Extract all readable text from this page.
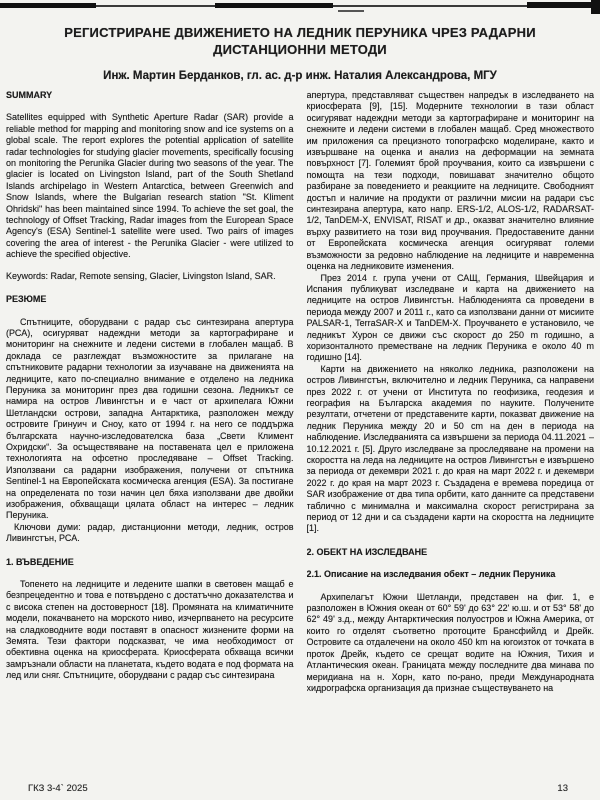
РЕГИСТРИРАНЕ ДВИЖЕНИЕТО НА ЛЕДНИК ПЕРУНИКА ЧРЕЗ РАДАРНИ ДИСТАНЦИОННИ МЕТОДИ
Инж. Мартин Берданков, гл. ас. д-р инж. Наталия Александрова, МГУ
SUMMARY

Satellites equipped with Synthetic Aperture Radar (SAR) provide a reliable method for mapping and monitoring snow and ice systems on a global scale. The report explores the potential application of satellite radar technologies for studying glacier movements, specifically focusing on monitoring the Perunika Glacier during two seasons of the year. The glacier is located on Livingston Island, part of the South Shetland Islands archipelago in Western Antarctica, between Greenwich and Snow Islands, where the Bulgarian research station "St. Kliment Ohridski" has been maintained since 1994. To achieve the set goal, the technology of Offset Tracking, Radar images from the European Space Agency's (ESA) Sentinel-1 satellite were used. Two pairs of images covering the area of interest - the Perunika Glacier - were utilized to achieve the specified objective.

Keywords: Radar, Remote sensing, Glacier, Livingston Island, SAR.

РЕЗЮМЕ

Спътниците, оборудвани с радар със синтезирана апертура (РСА), осигуряват надеждни методи за картографиране и мониторинг на снежните и ледени системи в глобален мащаб. В доклада се разглеждат възможностите за прилагане на спътниковите радарни технологии за изучаване на движенията на ледниците, като по-специално внимание е отделено на ледника Перуника за мониторинг през два годишни сезона. Ледникът се намира на остров Ливингстън и е част от архипелага Южни Шетландски острови, западна Антарктика, разположен между островите Гринуич и Сноу, като от 1994 г. на него се поддържа българската научно-изследователска база „Свети Климент Охридски“. За осъществяване на поставената цел е приложена технологията на офсетно проследяване – Offset Tracking. Използвани са радарни изображения, получени от спътника Sentinel-1 на Европейската космическа агенция (ESA). За постигане на определената по този начин цел бяха използвани две двойки изображения, обхващащи цялата област на интерес – ледник Перуника.

Ключови думи: радар, дистанционни методи, ледник, остров Ливингстън, РСА.

1. ВЪВЕДЕНИЕ

Топенето на ледниците и ледените шапки в световен мащаб е безпрецедентно и това е потвърдено с достатъчно доказателства и с висока степен на достоверност [18]. Промяната на климатичните модели, покачването на морското ниво, изчерпването на ресурсите на сладководните води поставят в опасност жизнените форми на Земята. Тези фактори подсказват, че има необходимост от обективна оценка на криосферата. Криосферата обхваща всички замръзнали области на планетата, където водата е под формата на лед или сняг. Спътниците, оборудвани с радар със синтезирана

апертура, представляват съществен напредък в изследването на криосферата [9], [15]. Модерните технологии в тази област осигуряват надеждни методи за картографиране и мониторинг на снежните и ледени системи в глобален мащаб. Сред множеството им приложения са прецизното топографско моделиране, както и извършване на оценка и анализ на деформации на земната повърхност [7]. Големият брой проучвания, които са извършени с помощта на тези подходи, повишават значително общото разбиране за поведението и реакциите на ледниците. Свободният достъп и наличие на продукти от различни мисии на радари със синтезирана апертура, като напр. ERS-1/2, ALOS-1/2, RADARSAT-1/2, TanDEM-X, ENVISAT, RISAT и др., оказват значително влияние върху развитието на този вид проучвания. Предоставените данни от Европейската космическа агенция осигуряват големи възможности за редовно наблюдение на ледниците и навременна оценка на ледниковите изменения.

През 2014 г. група учени от САЩ, Германия, Швейцария и Испания публикуват изследване и карта на движението на ледниците на остров Ливингстън. Наблюденията са проведени в периода между 2007 и 2011 г., като са използвани данни от мисиите PALSAR-1, TerraSAR-X и TanDEM-X. Проучването е установило, че ледникът Хурон се движи със скорост до 250 m годишно, а хоризонталното преместване на ледник Перуника е около 40 m годишно [14].

Карти на движението на няколко ледника, разположени на остров Ливингстън, включително и ледник Перуника, са направени през 2022 г. от учени от Института по геофизика, геодезия и география на Българска академия по науките. Получените резултати, отчетени от представените карти, показват движение на ледник Перуника между 20 и 50 cm на ден в периода на наблюдение. Изследванията са извършени за периода 04.11.2021 – 10.12.2021 г. [5]. Друго изследване за проследяване на промени на скоростта на леда на ледниците на остров Ливингстън е извършено за периода от декември 2021 г. до края на март 2022 г. и декември 2022 г. до края на март 2023 г. Създадена е времева поредица от SAR изображение от два типа орбити, като данните са представени таблично с минимална и максимална скорост регистрирана за период от 12 дни и са създадени карти на скоростта на ледниците [1].

2. ОБЕКТ НА ИЗСЛЕДВАНЕ
2.1. Описание на изследвания обект – ледник Перуника

Архипелагът Южни Шетланди, представен на фиг. 1, е разположен в Южния океан от 60° 59' до 63° 22' ю.ш. и от 53° 58' до 62° 49' з.д., между Антарктическия полуостров и Южна Америка, от които го отделят съответно протоците Брансфийлд и Дрейк. Островите са отдалечени на около 450 km на югоизток от точката в проток Дрейк, където се срещат водите на Южния, Тихия и Атлантическия океан. Границата между последните два минава по меридиана на н. Хорн, като по-рано, преди Международната хидрографска организация да признае съществуването на

ГКЗ 3-4` 2025	13
